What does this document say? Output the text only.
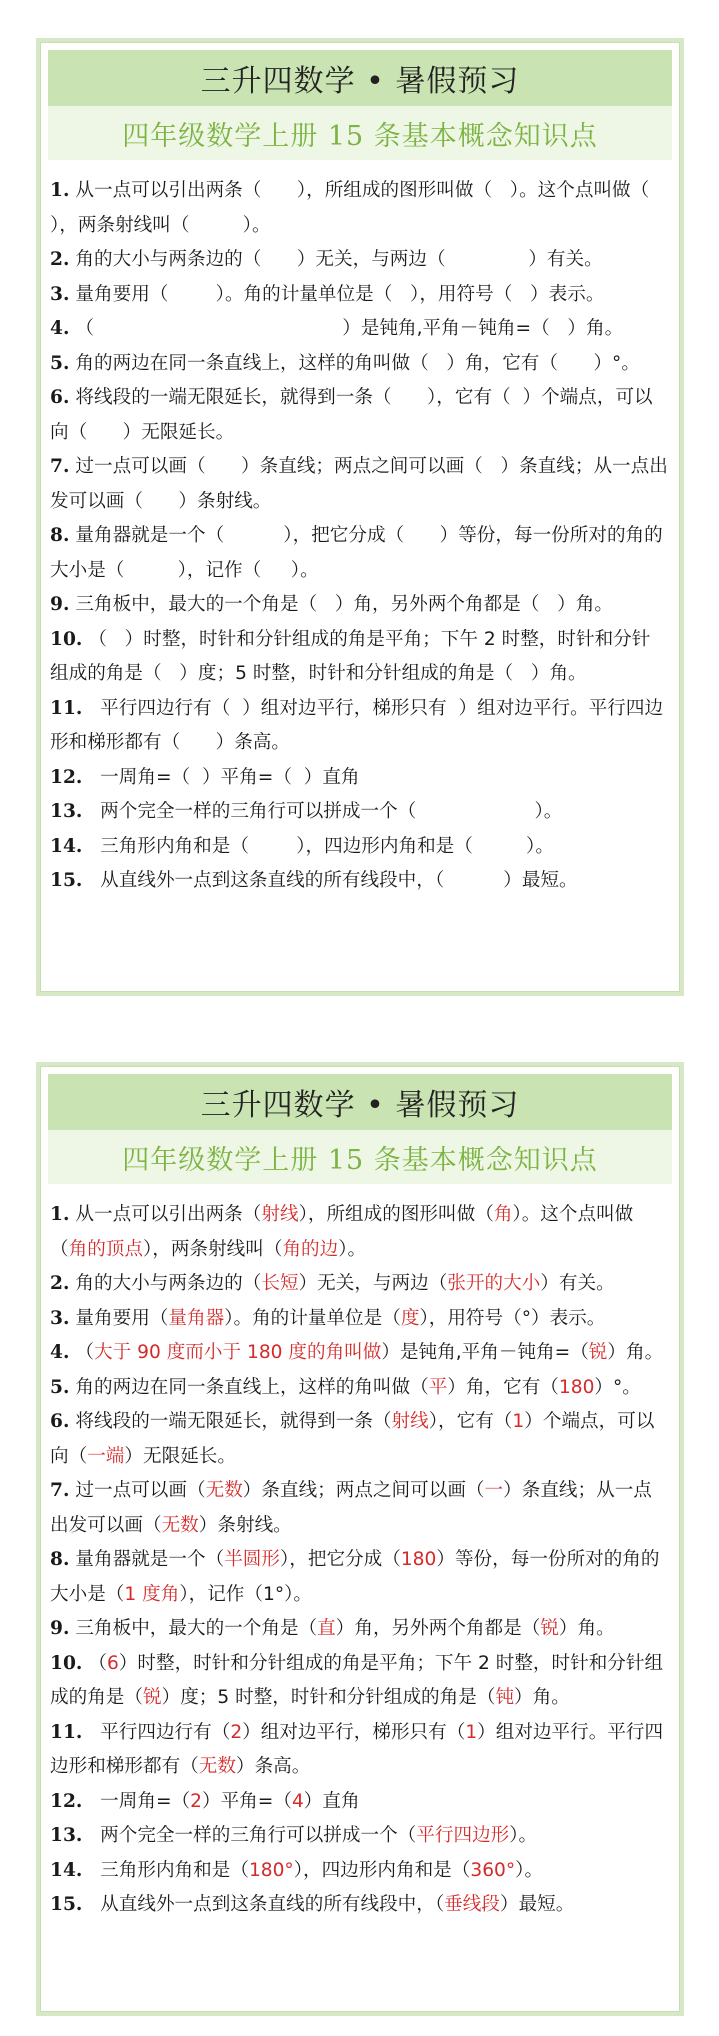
三升四数学 • 暑假预习
四年级数学上册 15 条基本概念知识点
1. 从一点可以引出两条（      ），所组成的图形叫做（   ）。这个点叫做（          ），两条射线叫（         ）。
2. 角的大小与两条边的（      ）无关，与两边（              ）有关。
3. 量角要用（        ）。角的计量单位是（   ），用符号（   ）表示。
4. （                                          ）是钝角,平角－钝角=（   ）角。
5. 角的两边在同一条直线上，这样的角叫做（   ）角，它有（      ）°。
6. 将线段的一端无限延长，就得到一条（      ），它有（  ）个端点，可以向（      ）无限延长。
7. 过一点可以画（      ）条直线；两点之间可以画（   ）条直线；从一点出发可以画（      ）条射线。
8. 量角器就是一个（          ），把它分成（      ）等份，每一份所对的角的大小是（         ），记作（     ）。
9. 三角板中，最大的一个角是（   ）角，另外两个角都是（   ）角。
10. （   ）时整，时针和分针组成的角是平角；下午 2 时整，时针和分针组成的角是（   ）度；5 时整，时针和分针组成的角是（   ）角。
11.  平行四边行有（  ）组对边平行，梯形只有  ）组对边平行。平行四边形和梯形都有（      ）条高。
12.  一周角=（  ）平角=（  ）直角
13.  两个完全一样的三角行可以拼成一个（                    ）。
14.  三角形内角和是（        ），四边形内角和是（         ）。
15.  从直线外一点到这条直线的所有线段中，（          ）最短。
三升四数学 • 暑假预习
四年级数学上册 15 条基本概念知识点
1. 从一点可以引出两条（射线），所组成的图形叫做（角）。这个点叫做（角的顶点），两条射线叫（角的边）。
2. 角的大小与两条边的（长短）无关，与两边（张开的大小）有关。
3. 量角要用（量角器）。角的计量单位是（度），用符号（°）表示。
4. （大于 90 度而小于 180 度的角叫做）是钝角,平角－钝角=（锐）角。
5. 角的两边在同一条直线上，这样的角叫做（平）角，它有（180）°。
6. 将线段的一端无限延长，就得到一条（射线），它有（1）个端点，可以向（一端）无限延长。
7. 过一点可以画（无数）条直线；两点之间可以画（一）条直线；从一点出发可以画（无数）条射线。
8. 量角器就是一个（半圆形），把它分成（180）等份，每一份所对的角的大小是（1 度角），记作（1°）。
9. 三角板中，最大的一个角是（直）角，另外两个角都是（锐）角。
10. （6）时整，时针和分针组成的角是平角；下午 2 时整，时针和分针组成的角是（锐）度；5 时整，时针和分针组成的角是（钝）角。
11.  平行四边行有（2）组对边平行，梯形只有（1）组对边平行。平行四边形和梯形都有（无数）条高。
12.  一周角=（2）平角=（4）直角
13.  两个完全一样的三角行可以拼成一个（平行四边形）。
14.  三角形内角和是（180°），四边形内角和是（360°）。
15.  从直线外一点到这条直线的所有线段中，（垂线段）最短。
